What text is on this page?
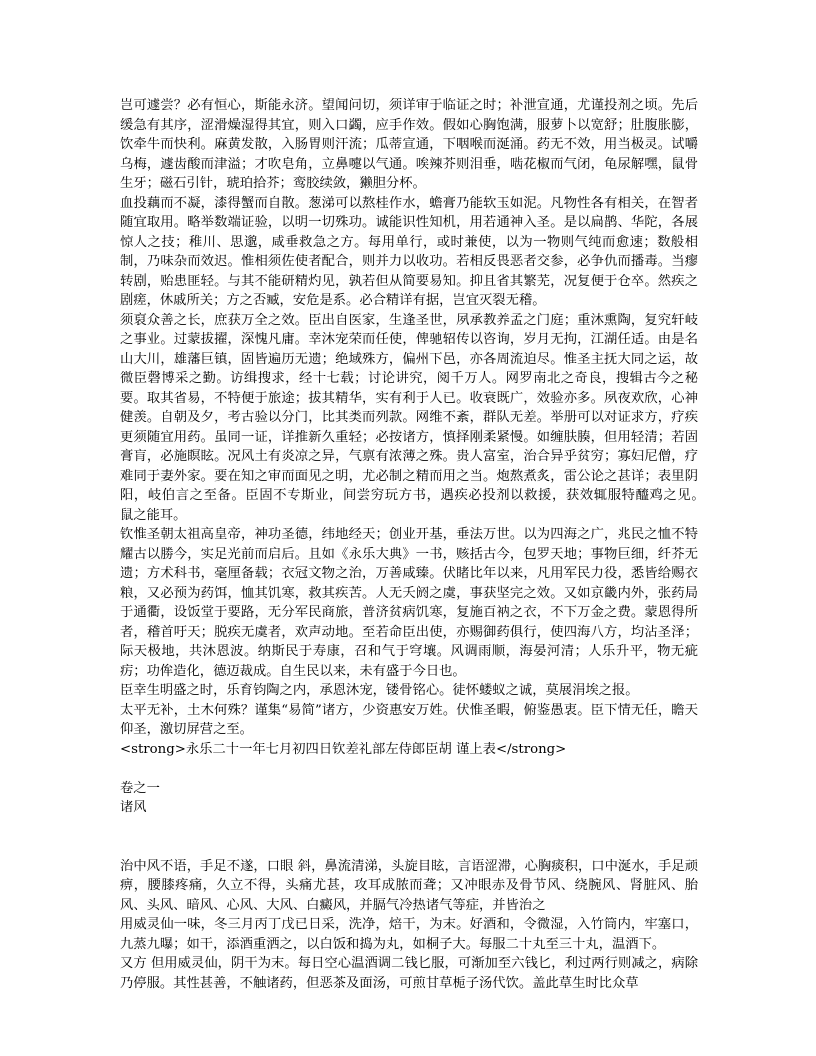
岂可遽尝？必有恒心，斯能永济。望闻问切，须详审于临证之时；补泄宣通，尤谨投剂之顷。先后缓急有其序，涩滑燥湿得其宜，则入口蠲，应手作效。假如心胸饱满，服萝卜以宽舒；肚腹胀膨，饮牵牛而快利。麻黄发散，入肠胃则汗流；瓜蒂宣通，下咽喉而涎涌。药无不效，用当极灵。试嚼乌梅，遽齿酸而津溢；才吹皂角，立鼻嚏以气通。唉辣芥则泪垂，啮花椒而气闭，龟尿解嘿，鼠骨生牙；磁石引针，琥珀拾芥；鸾胶续敛，獭胆分杯。

血投藕而不凝，漆得蟹而自散。葱涕可以熬桂作水，蟾膏乃能软玉如泥。凡物性各有相关，在智者随宜取用。略举数端证验，以明一切殊功。诚能识性知机，用若通神入圣。是以扁鹊、华陀，各展惊人之技；稚川、思邈，咸垂救急之方。每用单行，或时兼使，以为一物则气纯而愈速；数般相制，乃味杂而效迟。惟相须佐使者配合，则并力以收功。若相反畏恶者交参，必争仇而播毒。当瘳转剧，贻患匪轻。与其不能研精灼见，孰若但从简要易知。抑且省其繁芜，况复便于仓卒。然疾之剧瘥，休戚所关；方之否臧，安危是系。必合精详有据，岂宜灭裂无稽。

须裒众善之长，庶获万全之效。臣出自医家，生逢圣世，夙承教养孟之门庭；重沐熏陶，复究轩岐之事业。过蒙拔擢，深愧凡庸。幸沐宠荣而任使，俾驰轺传以咨询，岁月无拘，江湖任适。由是名山大川，雄藩巨镇，固皆遍历无遗；绝域殊方，偏州下邑，亦各周流迫尽。惟圣主抚大同之运，故微臣磬博采之勤。访缉搜求，经十七载；讨论讲究，阅千万人。网罗南北之奇良，搜辑古今之秘要。取其省易，不特便于旅途；拔其精华，实有利于人已。收衰既广，效验亦多。夙夜欢欣，心神健羡。自朝及夕，考古验以分门，比其类而列款。网维不紊，群队无差。举册可以对证求方，疗疾更须随宜用药。虽同一证，详推新久重轻；必按诸方，慎择刚柔紧慢。如缠肤腠，但用轻清；若固膏肓，必施瞑眩。况风土有炎凉之异，气禀有浓薄之殊。贵人富室，治合异乎贫穷；寡妇尼僧，疗难同于妻外家。要在知之审而面见之明，尤必制之精而用之当。炮熬煮炙，雷公论之甚详；表里阴阳，岐伯言之至备。臣固不专斯业，间尝穷玩方书，遇疾必投剂以救援，获效辄服特醯鸡之见。　鼠之能耳。

钦惟圣朝太祖高皇帝，神功圣德，纬地经天；创业开基，垂法万世。以为四海之广，兆民之恤不特耀古以勝今，实足光前而启后。且如《永乐大典》一书，赅括古今，包罗天地；事物巨细，纤芥无遗；方术科书，毫厘备载；衣冠文物之治，万善咸臻。伏睹比年以来，凡用军民力役，悉皆给赐衣粮，又必预为药饵，恤其饥寒，救其疾苦。人无夭阏之虞，事获坚完之效。又如京畿内外，张药局于通衢，设饭堂于要路，无分军民商旅，普济贫病饥寒，复施百衲之衣，不下万金之费。蒙恩得所者，稽首吁天；脱疾无虞者，欢声动地。至若命臣出使，亦赐御药俱行，使四海八方，均沾圣泽；际天极地，共沐恩波。纳斯民于寿康，召和气于穹壤。风调雨顺，海晏河清；人乐升平，物无疵疠；功侔造化，德迈裁成。自生民以来，未有盛于今日也。

臣幸生明盛之时，乐育钧陶之内，承恩沐宠，镂骨铭心。徒怀蝼蚁之诚，莫展涓埃之报。

太平无补，土木何殊？谨集“易简”诸方，少资惠安万姓。伏惟圣暇，俯鉴愚衷。臣下情无任，瞻天仰圣，激切屏营之至。

<strong>永乐二十一年七月初四日钦差礼部左侍郎臣胡 谨上表</strong>

卷之一

诸风

治中风不语，手足不遂，口眼 斜，鼻流清涕，头旋目眩，言语涩滞，心胸痰积，口中涎水，手足顽痹，腰膝疼痛，久立不得，头痛尤甚，攻耳成脓而聋；又冲眼赤及骨节风、绕腕风、肾脏风、胎风、头风、暗风、心风、大风、白癜风，并膈气冷热诸气等症，并皆治之

用威灵仙一味，冬三月丙丁戊已日采，洗净，焙干，为末。好酒和，令微湿，入竹筒内，牢塞口，九蒸九曝；如干，添酒重洒之，以白饭和捣为丸，如桐子大。每服二十丸至三十丸，温酒下。

又方 但用威灵仙，阴干为末。每日空心温酒调二钱匕服，可渐加至六钱匕，利过两行则减之，病除乃停服。其性甚善，不触诸药，但恶茶及面汤，可煎甘草栀子汤代饮。盖此草生时比众草
